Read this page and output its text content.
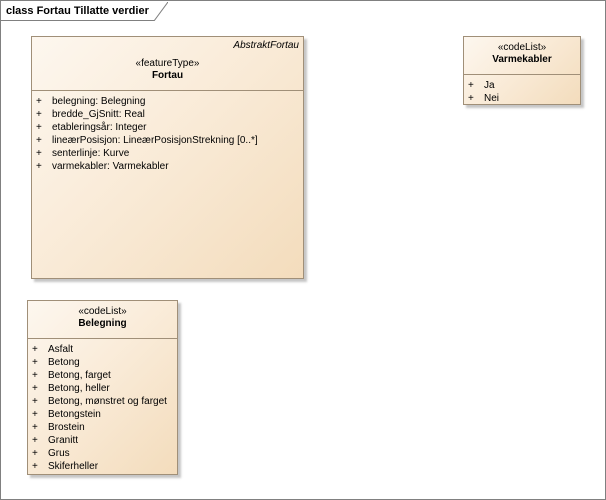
class Fortau Tillatte verdier
AbstraktFortau
«featureType»
Fortau
+ belegning: Belegning
+ bredde_GjSnitt: Real
+ etableringsår: Integer
+ lineærPosisjon: LineærPosisjonStrekning [0..*]
+ senterlinje: Kurve
+ varmekabler: Varmekabler
«codeList»
Varmekabler
+ Ja
+ Nei
«codeList»
Belegning
+ Asfalt
+ Betong
+ Betong, farget
+ Betong, heller
+ Betong, mønstret og farget
+ Betongstein
+ Brostein
+ Granitt
+ Grus
+ Skiferheller
